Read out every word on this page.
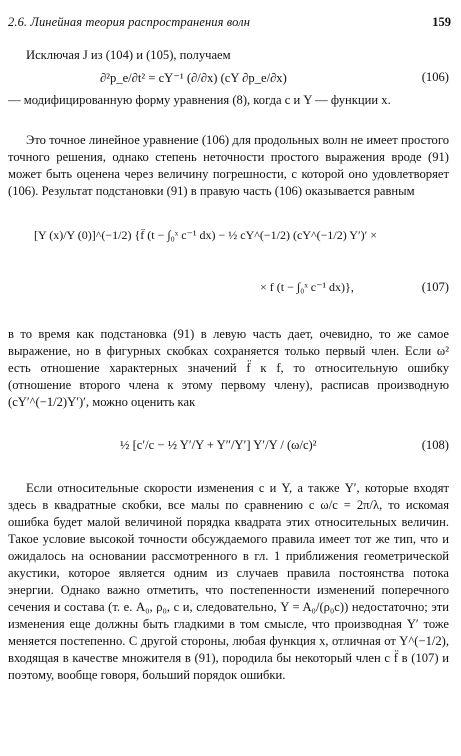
2.6. Линейная теория распространения волн	159
Исключая J из (104) и (105), получаем
∂²p_e/∂t² = cY⁻¹ (∂/∂x) (cY ∂p_e/∂x)	(106)

— модифицированную форму уравнения (8), когда c и Y — функции x.

Это точное линейное уравнение (106) для продольных волн не имеет простого точного решения, однако степень неточности простого выражения вроде (91) может быть оценена через величину погрешности, с которой оно удовлетворяет (106). Результат подстановки (91) в правую часть (106) оказывается равным

[Y (x)/Y (0)]^(−1/2) {f̈ (t − ∫₀ˣ c⁻¹ dx) − ½ cY^(−1/2) (cY^(−1/2) Y′)′ ×
× f (t − ∫₀ˣ c⁻¹ dx)},	(107)

в то время как подстановка (91) в левую часть дает, очевидно, то же самое выражение, но в фигурных скобках сохраняется только первый член. Если ω² есть отношение характерных значений f̈ к f, то относительную ошибку (отношение второго члена к этому первому члену), расписав производную (cY′^(−1/2)Y′)′, можно оценить как

½ [c′/c − ½ Y′/Y + Y″/Y′] Y′/Y / (ω/c)²	(108)

Если относительные скорости изменения c и Y, а также Y′, которые входят здесь в квадратные скобки, все малы по сравнению с ω/c = 2π/λ, то искомая ошибка будет малой величиной порядка квадрата этих относительных величин. Такое условие высокой точности обсуждаемого правила имеет тот же тип, что и ожидалось на основании рассмотренного в гл. 1 приближения геометрической акустики, которое является одним из случаев правила постоянства потока энергии. Однако важно отметить, что постепенности изменений поперечного сечения и состава (т. е. A₀, ρ₀, c и, следовательно, Y = A₀/(ρ₀c)) недостаточно; эти изменения еще должны быть гладкими в том смысле, что производная Y′ тоже меняется постепенно. С другой стороны, любая функция x, отличная от Y^(−1/2), входящая в качестве множителя в (91), породила бы некоторый член с f̈ в (107) и поэтому, вообще говоря, больший порядок ошибки.
